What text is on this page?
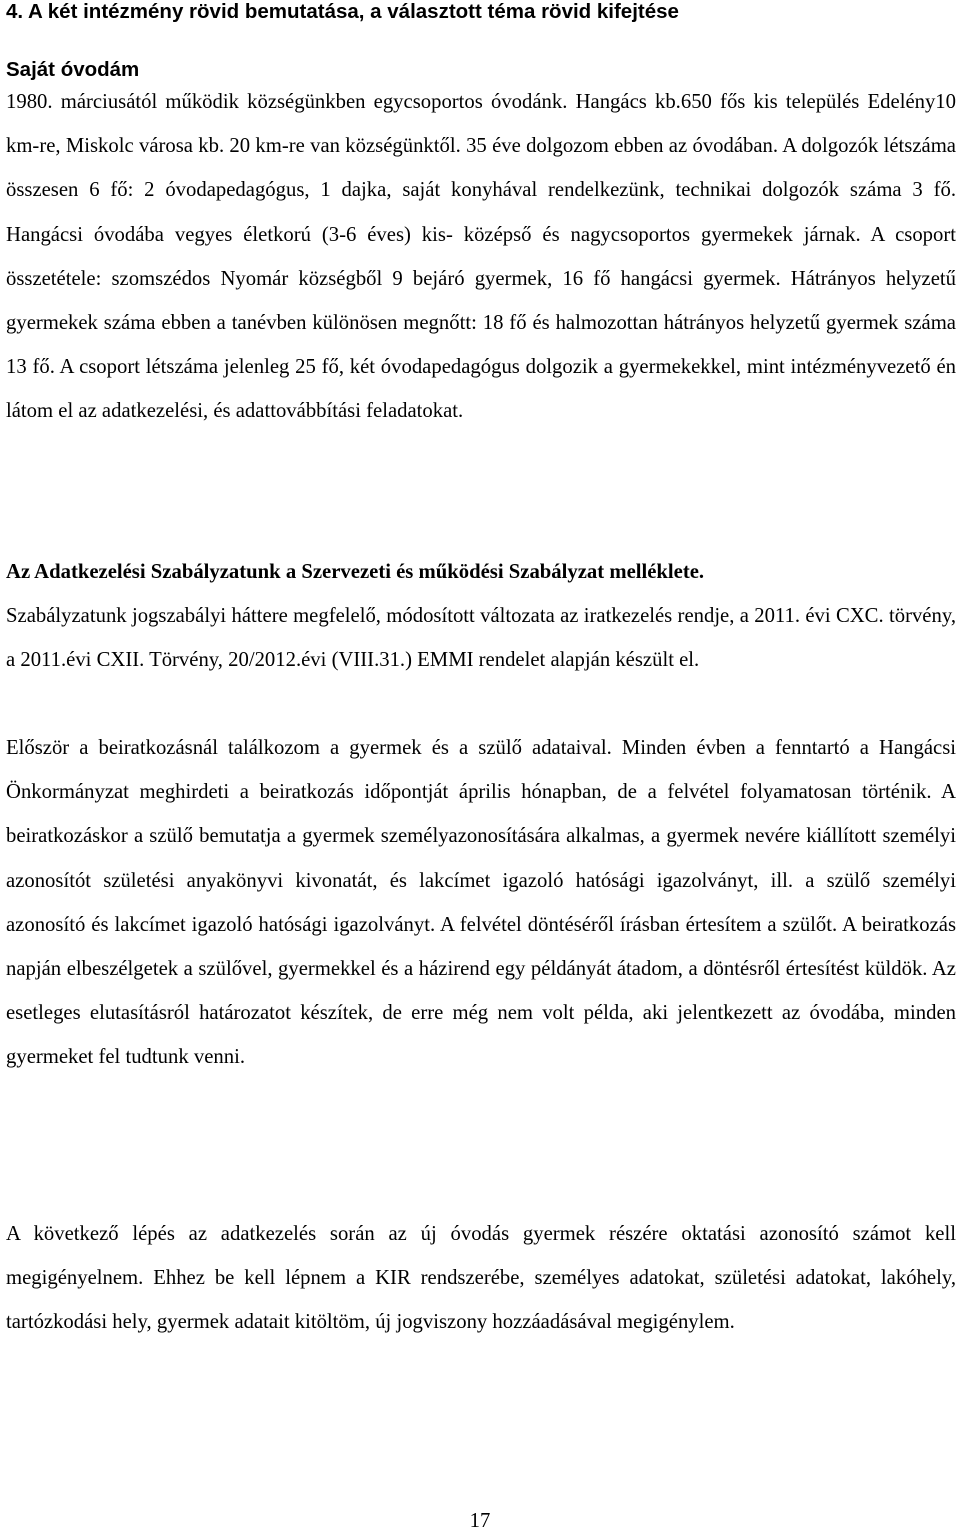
4. A két intézmény rövid bemutatása, a választott téma rövid kifejtése
Saját óvodám

1980. márciusától működik községünkben egycsoportos óvodánk. Hangács kb.650 fős kis település Edelény10 km-re, Miskolc városa kb. 20 km-re van községünktől. 35 éve dolgozom ebben az óvodában. A dolgozók létszáma összesen 6 fő: 2 óvodapedagógus, 1 dajka, saját konyhával rendelkezünk, technikai dolgozók száma 3 fő. Hangácsi óvodába vegyes életkorú (3-6 éves) kis- középső és nagycsoportos gyermekek járnak. A csoport összetétele: szomszédos Nyomár községből 9 bejáró gyermek, 16 fő hangácsi gyermek. Hátrányos helyzetű gyermekek száma ebben a tanévben különösen megnőtt: 18 fő és halmozottan hátrányos helyzetű gyermek száma 13 fő. A csoport létszáma jelenleg 25 fő, két óvodapedagógus dolgozik a gyermekekkel, mint intézményvezető én látom el az adatkezelési, és adattovábbítási feladatokat.

Az Adatkezelési Szabályzatunk a Szervezeti és működési Szabályzat melléklete.

Szabályzatunk jogszabályi háttere megfelelő, módosított változata az iratkezelés rendje, a 2011. évi CXC. törvény, a 2011.évi CXII. Törvény, 20/2012.évi (VIII.31.) EMMI rendelet alapján készült el.

Először a beiratkozásnál találkozom a gyermek és a szülő adataival. Minden évben a fenntartó a Hangácsi Önkormányzat meghirdeti a beiratkozás időpontját április hónapban, de a felvétel folyamatosan történik. A beiratkozáskor a szülő bemutatja a gyermek személyazonosítására alkalmas, a gyermek nevére kiállított személyi azonosítót születési anyakönyvi kivonatát, és lakcímet igazoló hatósági igazolványt, ill. a szülő személyi azonosító és lakcímet igazoló hatósági igazolványt. A felvétel döntéséről írásban értesítem a szülőt. A beiratkozás napján elbeszélgetek a szülővel, gyermekkel és a házirend egy példányát átadom, a döntésről értesítést küldök. Az esetleges elutasításról határozatot készítek, de erre még nem volt példa, aki jelentkezett az óvodába, minden gyermeket fel tudtunk venni.

A következő lépés az adatkezelés során az új óvodás gyermek részére oktatási azonosító számot kell megigényelnem. Ehhez be kell lépnem a KIR rendszerébe, személyes adatokat, születési adatokat, lakóhely, tartózkodási hely, gyermek adatait kitöltöm, új jogviszony hozzáadásával megigénylem.

17
